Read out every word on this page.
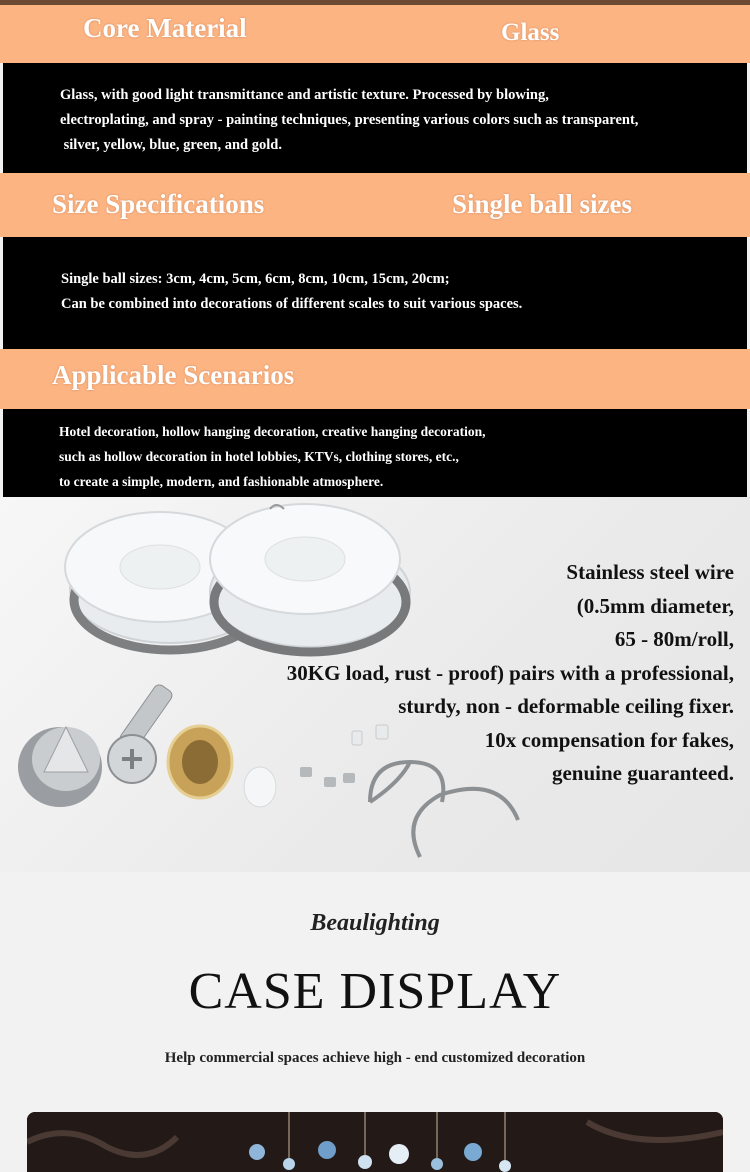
Core Material	Glass

Glass, with good light transmittance and artistic texture. Processed by blowing,

electroplating, and spray - painting techniques, presenting various colors such as transparent,

silver, yellow, blue, green, and gold.

Size Specifications	Single ball sizes

Single ball sizes: 3cm, 4cm, 5cm, 6cm, 8cm, 10cm, 15cm, 20cm;

Can be combined into decorations of different scales to suit various spaces.

Applicable Scenarios

Hotel decoration, hollow hanging decoration, creative hanging decoration,

such as hollow decoration in hotel lobbies, KTVs, clothing stores, etc.,

to create a simple, modern, and fashionable atmosphere.

Stainless steel wire
(0.5mm diameter,
65 - 80m/roll,
30KG load, rust - proof) pairs with a professional,
sturdy, non - deformable ceiling fixer.
10x compensation for fakes,
genuine guaranteed.
Beaulighting
CASE DISPLAY
Help commercial spaces achieve high - end customized decoration
